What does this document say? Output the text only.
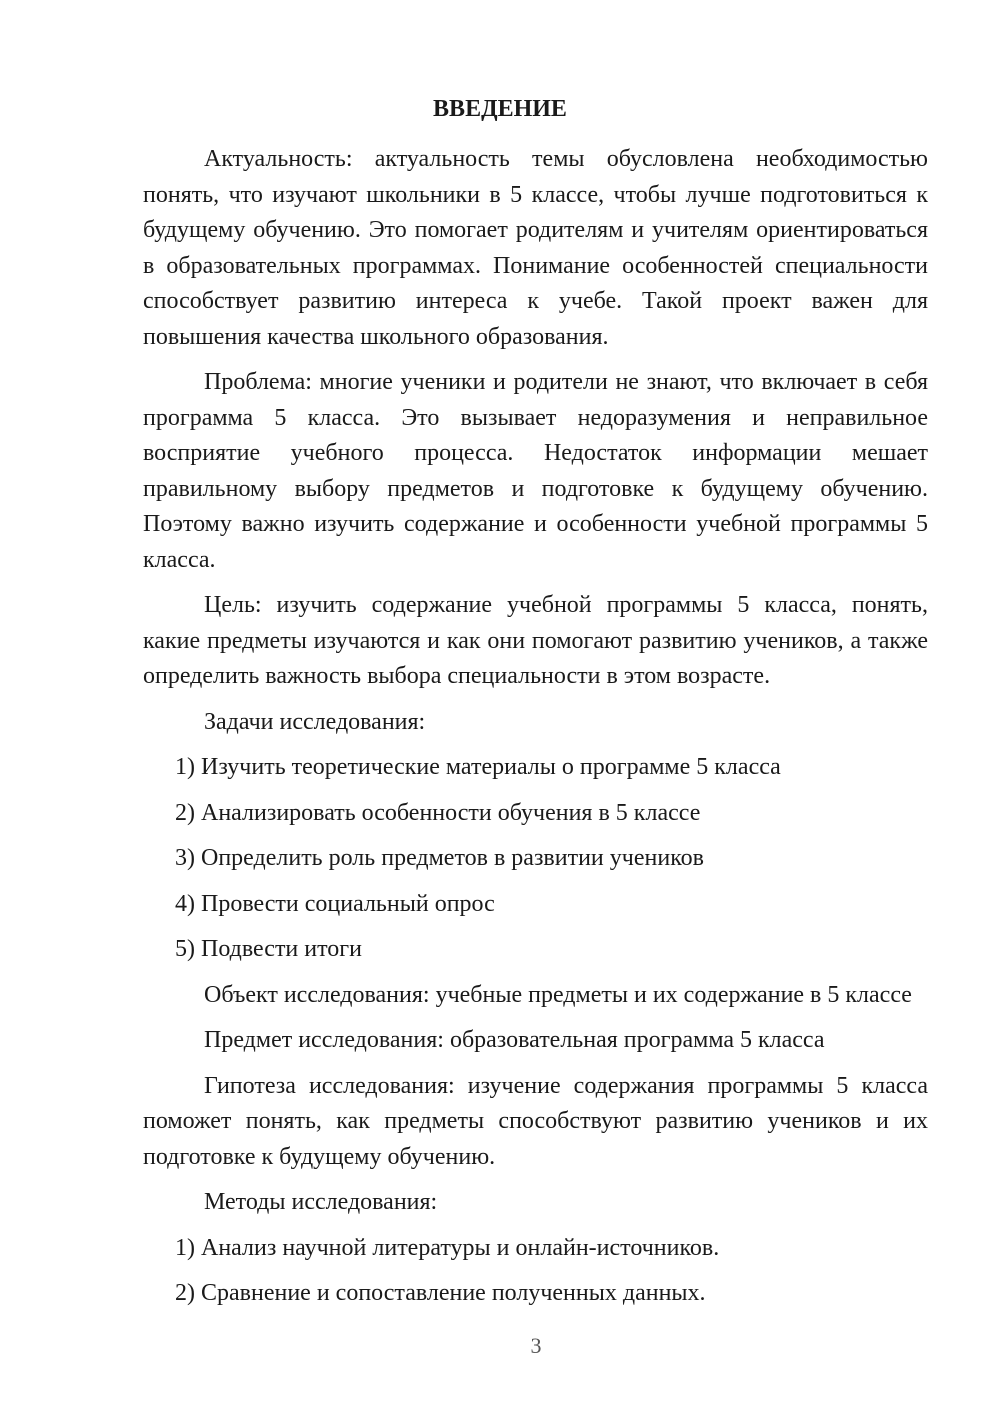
ВВЕДЕНИЕ

Актуальность: актуальность темы обусловлена необходимостью понять, что изучают школьники в 5 классе, чтобы лучше подготовиться к будущему обучению. Это помогает родителям и учителям ориентироваться в образовательных программах. Понимание особенностей специальности способствует развитию интереса к учебе. Такой проект важен для повышения качества школьного образования.

Проблема: многие ученики и родители не знают, что включает в себя программа 5 класса. Это вызывает недоразумения и неправильное восприятие учебного процесса. Недостаток информации мешает правильному выбору предметов и подготовке к будущему обучению. Поэтому важно изучить содержание и особенности учебной программы 5 класса.

Цель: изучить содержание учебной программы 5 класса, понять, какие предметы изучаются и как они помогают развитию учеников, а также определить важность выбора специальности в этом возрасте.

Задачи исследования:

1) Изучить теоретические материалы о программе 5 класса
2) Анализировать особенности обучения в 5 классе
3) Определить роль предметов в развитии учеников
4) Провести социальный опрос
5) Подвести итоги

Объект исследования: учебные предметы и их содержание в 5 классе

Предмет исследования: образовательная программа 5 класса

Гипотеза исследования: изучение содержания программы 5 класса поможет понять, как предметы способствуют развитию учеников и их подготовке к будущему обучению.

Методы исследования:

1) Анализ научной литературы и онлайн-источников.
2) Сравнение и сопоставление полученных данных.
3
